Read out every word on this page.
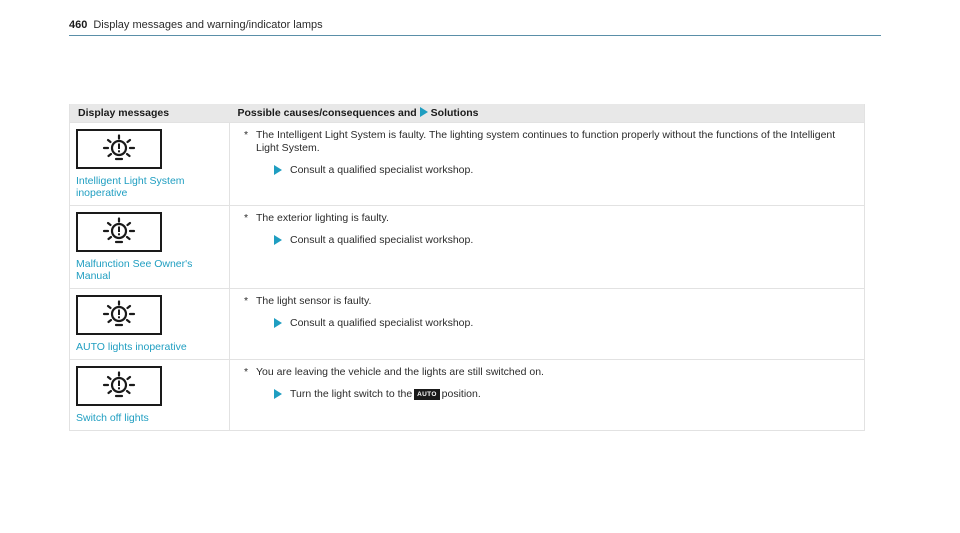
460 Display messages and warning/indicator lamps
Display messages	Possible causes/consequences and Solutions

Intelligent Light System inoperative	* The Intelligent Light System is faulty. The lighting system continues to function properly without the functions of the Intelligent Light System.
Consult a qualified specialist workshop.

Malfunction See Owner's Manual	* The exterior lighting is faulty.
Consult a qualified specialist workshop.

AUTO lights inoperative	* The light sensor is faulty.
Consult a qualified specialist workshop.

Switch off lights	* You are leaving the vehicle and the lights are still switched on.
Turn the light switch to the AUTO position.
